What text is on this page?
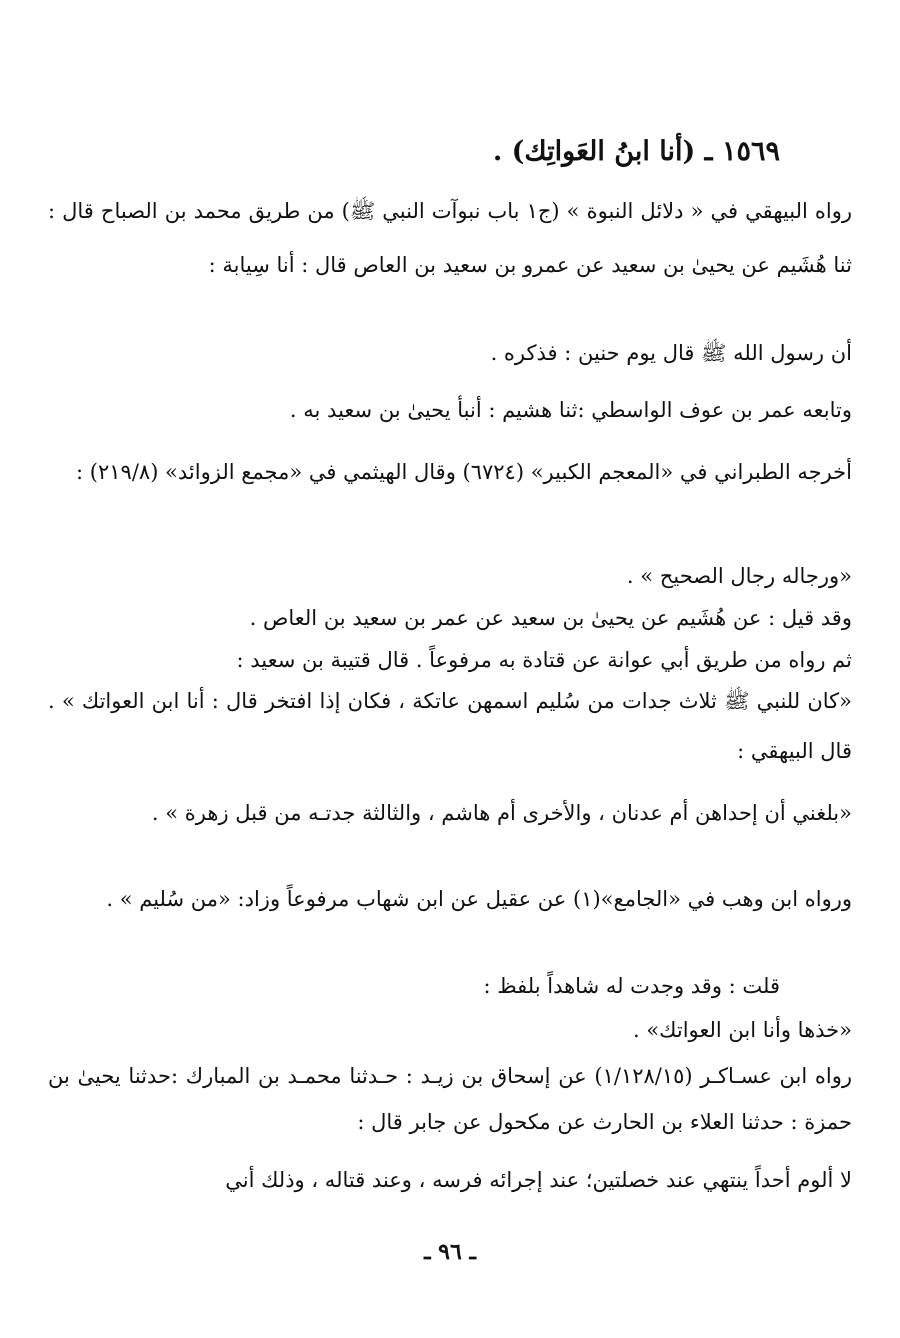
١٥٦٩ ـ (أنا ابنُ العَواتِك) .
رواه البيهقي في « دلائل النبوة » (ج١ باب نبوآت النبي ﷺ) من طريق محمد بن الصباح قال : ثنا هُشَيم عن يحيىٰ بن سعيد عن عمرو بن سعيد بن العاص قال : أنا سِيابة :
أن رسول الله ﷺ قال يوم حنين : فذكره .
وتابعه عمر بن عوف الواسطي :ثنا هشيم : أنبأ يحيىٰ بن سعيد به .
أخرجه الطبراني في «المعجم الكبير» (٦٧٢٤) وقال الهيثمي في «مجمع الزوائد» (٢١٩/٨) :
«ورجاله رجال الصحيح » .
وقد قيل : عن هُشَيم عن يحيىٰ بن سعيد عن عمر بن سعيد بن العاص .
ثم رواه من طريق أبي عوانة عن قتادة به مرفوعاً . قال قتيبة بن سعيد :
«كان للنبي ﷺ ثلاث جدات من سُليم اسمهن عاتكة ، فكان إذا افتخر قال : أنا ابن العواتك » . قال البيهقي :
«بلغني أن إحداهن أم عدنان ، والأخرى أم هاشم ، والثالثة جدتـه من قبل زهرة » .
ورواه ابن وهب في «الجامع»(١) عن عقيل عن ابن شهاب مرفوعاً وزاد: «من سُليم » .
قلت : وقد وجدت له شاهداً بلفظ :
«خذها وأنا ابن العواتك» .
رواه ابن عسـاكـر (١/١٢٨/١٥) عن إسحاق بن زيـد : حـدثنا محمـد بن المبارك :حدثنا يحيىٰ بن حمزة : حدثنا العلاء بن الحارث عن مكحول عن جابر قال :
لا ألوم أحداً ينتهي عند خصلتين؛ عند إجرائه فرسه ، وعند قتاله ، وذلك أني
ـ ٩٦ ـ
